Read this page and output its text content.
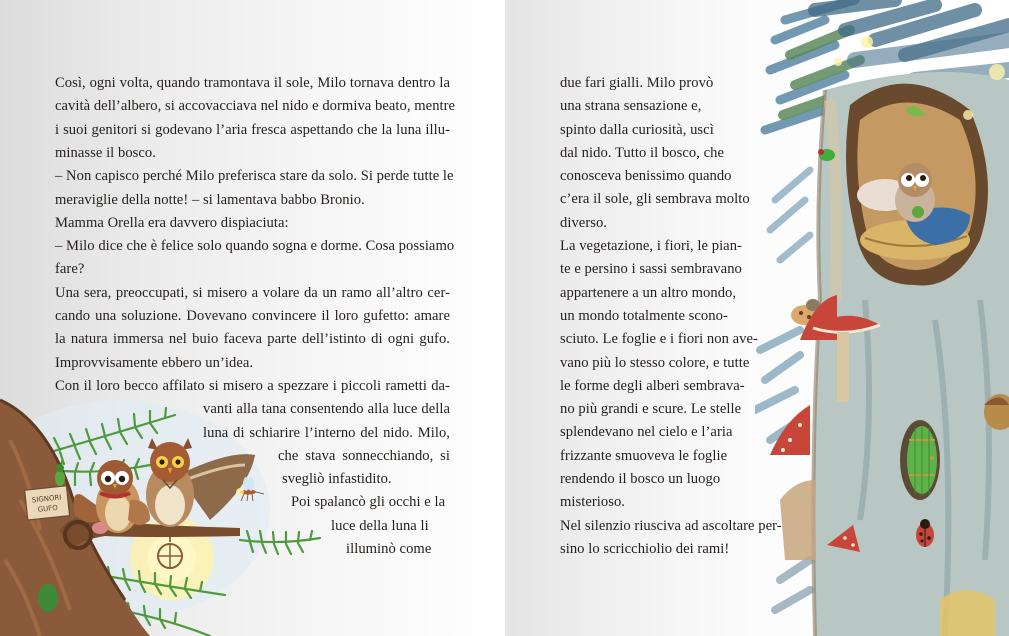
SIGNORI
GUFO
Così, ogni volta, quando tramontava il sole, Milo tornava dentro la
cavità dell’albero, si accovacciava nel nido e dormiva beato, mentre
i suoi genitori si godevano l’aria fresca aspettando che la luna illu-
minasse il bosco.
– Non capisco perché Milo preferisca stare da solo. Si perde tutte le
meraviglie della notte! – si lamentava babbo Bronio.
Mamma Orella era davvero dispiaciuta:
– Milo dice che è felice solo quando sogna e dorme. Cosa possiamo
fare?
Una sera, preoccupati, si misero a volare da un ramo all’altro cer-
cando una soluzione. Dovevano convincere il loro gufetto: amare
la natura immersa nel buio faceva parte dell’istinto di ogni gufo.
Improvvisamente ebbero un’idea.
Con il loro becco affilato si misero a spezzare i piccoli rametti da-
vanti alla tana consentendo alla luce della
luna di schiarire l’interno del nido. Milo,
che stava sonnecchiando, si
svegliò infastidito.
Poi spalancò gli occhi e la
luce della luna li
illuminò come
due fari gialli. Milo provò
una strana sensazione e,
spinto dalla curiosità, uscì
dal nido. Tutto il bosco, che
conosceva benissimo quando
c’era il sole, gli sembrava molto
diverso.
La vegetazione, i fiori, le pian-
te e persino i sassi sembravano
appartenere a un altro mondo,
un mondo totalmente scono-
sciuto. Le foglie e i fiori non ave-
vano più lo stesso colore, e tutte
le forme degli alberi sembrava-
no più grandi e scure. Le stelle
splendevano nel cielo e l’aria
frizzante smuoveva le foglie
rendendo il bosco un luogo
misterioso.
Nel silenzio riusciva ad ascoltare per-
sino lo scricchiolio dei rami!
